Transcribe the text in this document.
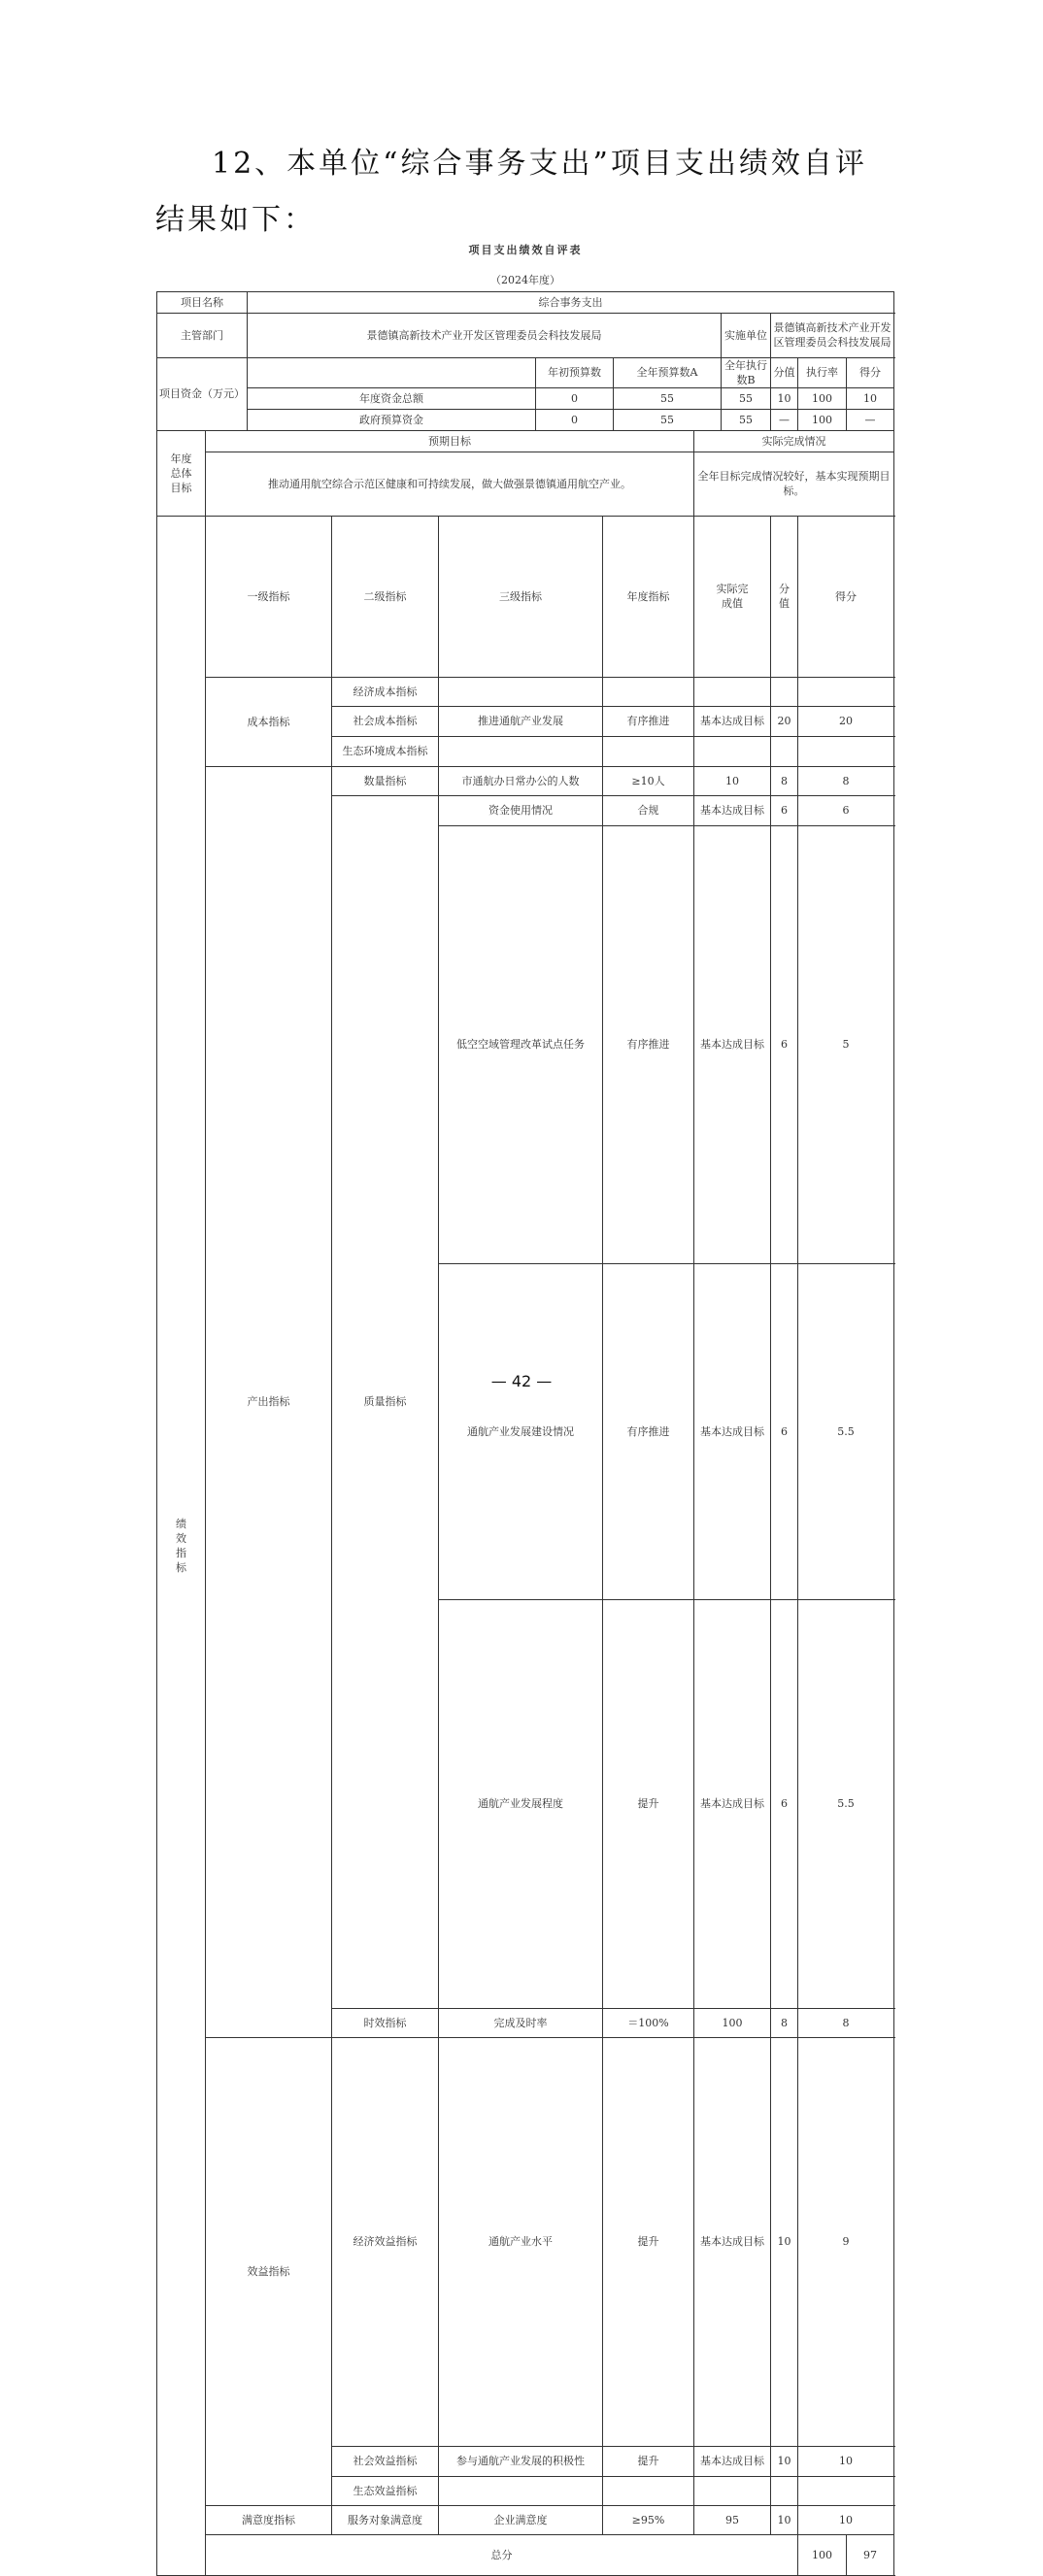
12、本单位“综合事务支出”项目支出绩效自评结果如下：

项目支出绩效自评表													
（2024年度）													
项目名称		综合事务支出											
主管部门		景德镇高新技术产业开发区管理委员会科技发展局							实施单位	景德镇高新技术产业开发区管理委员会科技发展局			
项目资金（万元）					年初预算数		全年预算数A		全年执行数B	分值	执行率	得分	
		年度资金总额			0		55		55	10	100	10	
		政府预算资金			0		55		55	—	100	—	
年度总体目标	预期目标							实际完成情况					
	推动通用航空综合示范区健康和可持续发展，做大做强景德镇通用航空产业。							全年目标完成情况较好，基本实现预期目标。					
绩效指标	一级指标		二级指标	三级指标		年度指标		实际完成值		分值	得分	
	成本指标		经济成本指标										
			社会成本指标	推进通航产业发展		有序推进		基本达成目标		20	20		
			生态环境成本指标										
	产出指标		数量指标	市通航办日常办公的人数		≥10人		10		8	8		
			质量指标	资金使用情况		合规		基本达成目标		6	6		
				低空空域管理改革试点任务		有序推进		基本达成目标		6	5	
				通航产业发展建设情况		有序推进		基本达成目标		6	5.5	
				通航产业发展程度		提升		基本达成目标		6	5.5	
			时效指标	完成及时率		＝100%		100		8	8		
	效益指标		经济效益指标	通航产业水平		提升		基本达成目标		10	9	
			社会效益指标	参与通航产业发展的积极性		提升		基本达成目标		10	10		
			生态效益指标										
	满意度指标		服务对象满意度	企业满意度		≥95%		95		10	10		
	总分										100	97	
— 42 —
